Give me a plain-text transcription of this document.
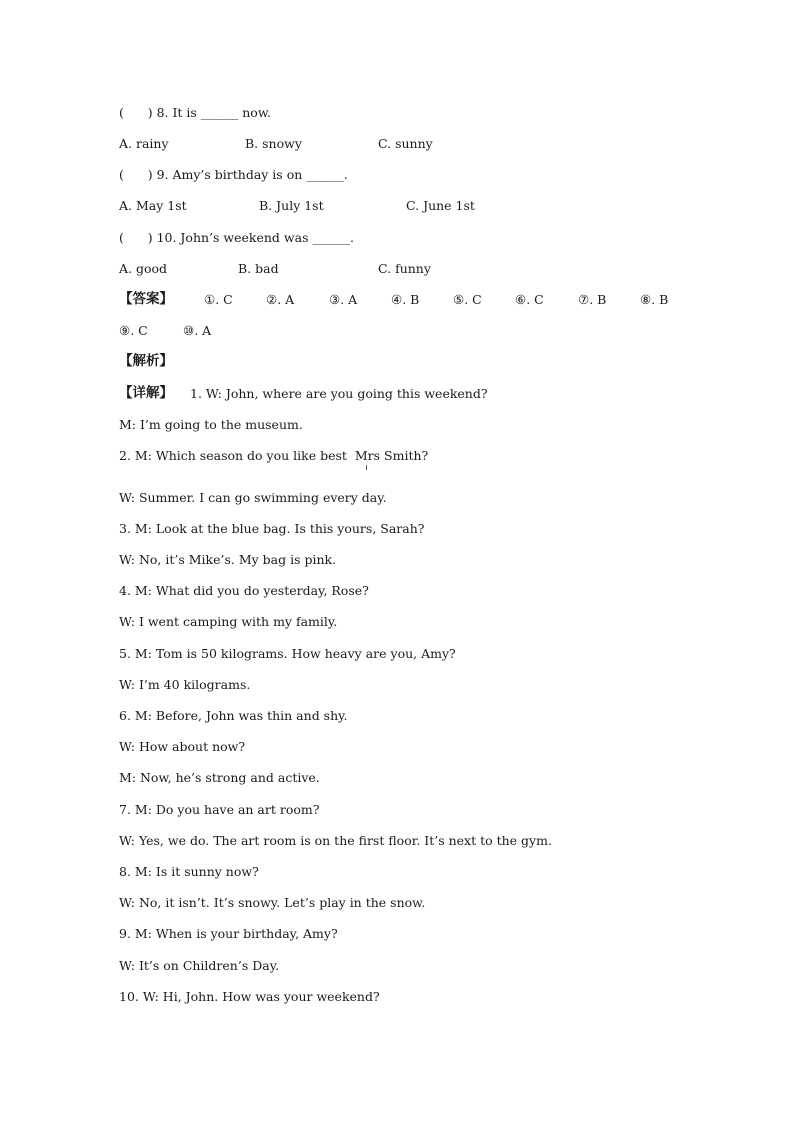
(      ) 8. It is ______ now.
A. rainy	B. snowy	C. sunny
(      ) 9. Amy’s birthday is on ______.
A. May 1st	B. July 1st	C. June 1st
(      ) 10. John’s weekend was ______.
A. good	B. bad	C. funny
【答案】 ①. C	②. A	③. A	④. B	⑤. C	⑥. C	⑦. B	⑧. B
⑨. C	⑩. A
【解析】
【详解】 1. W: John, where are you going this weekend?
M: I’m going to the museum.
2. M: Which season do you like best  Mrs Smith?
W: Summer. I can go swimming every day.
3. M: Look at the blue bag. Is this yours, Sarah?
W: No, it’s Mike’s. My bag is pink.
4. M: What did you do yesterday, Rose?
W: I went camping with my family.
5. M: Tom is 50 kilograms. How heavy are you, Amy?
W: I’m 40 kilograms.
6. M: Before, John was thin and shy.
W: How about now?
M: Now, he’s strong and active.
7. M: Do you have an art room?
W: Yes, we do. The art room is on the first floor. It’s next to the gym.
8. M: Is it sunny now?
W: No, it isn’t. It’s snowy. Let’s play in the snow.
9. M: When is your birthday, Amy?
W: It’s on Children’s Day.
10. W: Hi, John. How was your weekend?
